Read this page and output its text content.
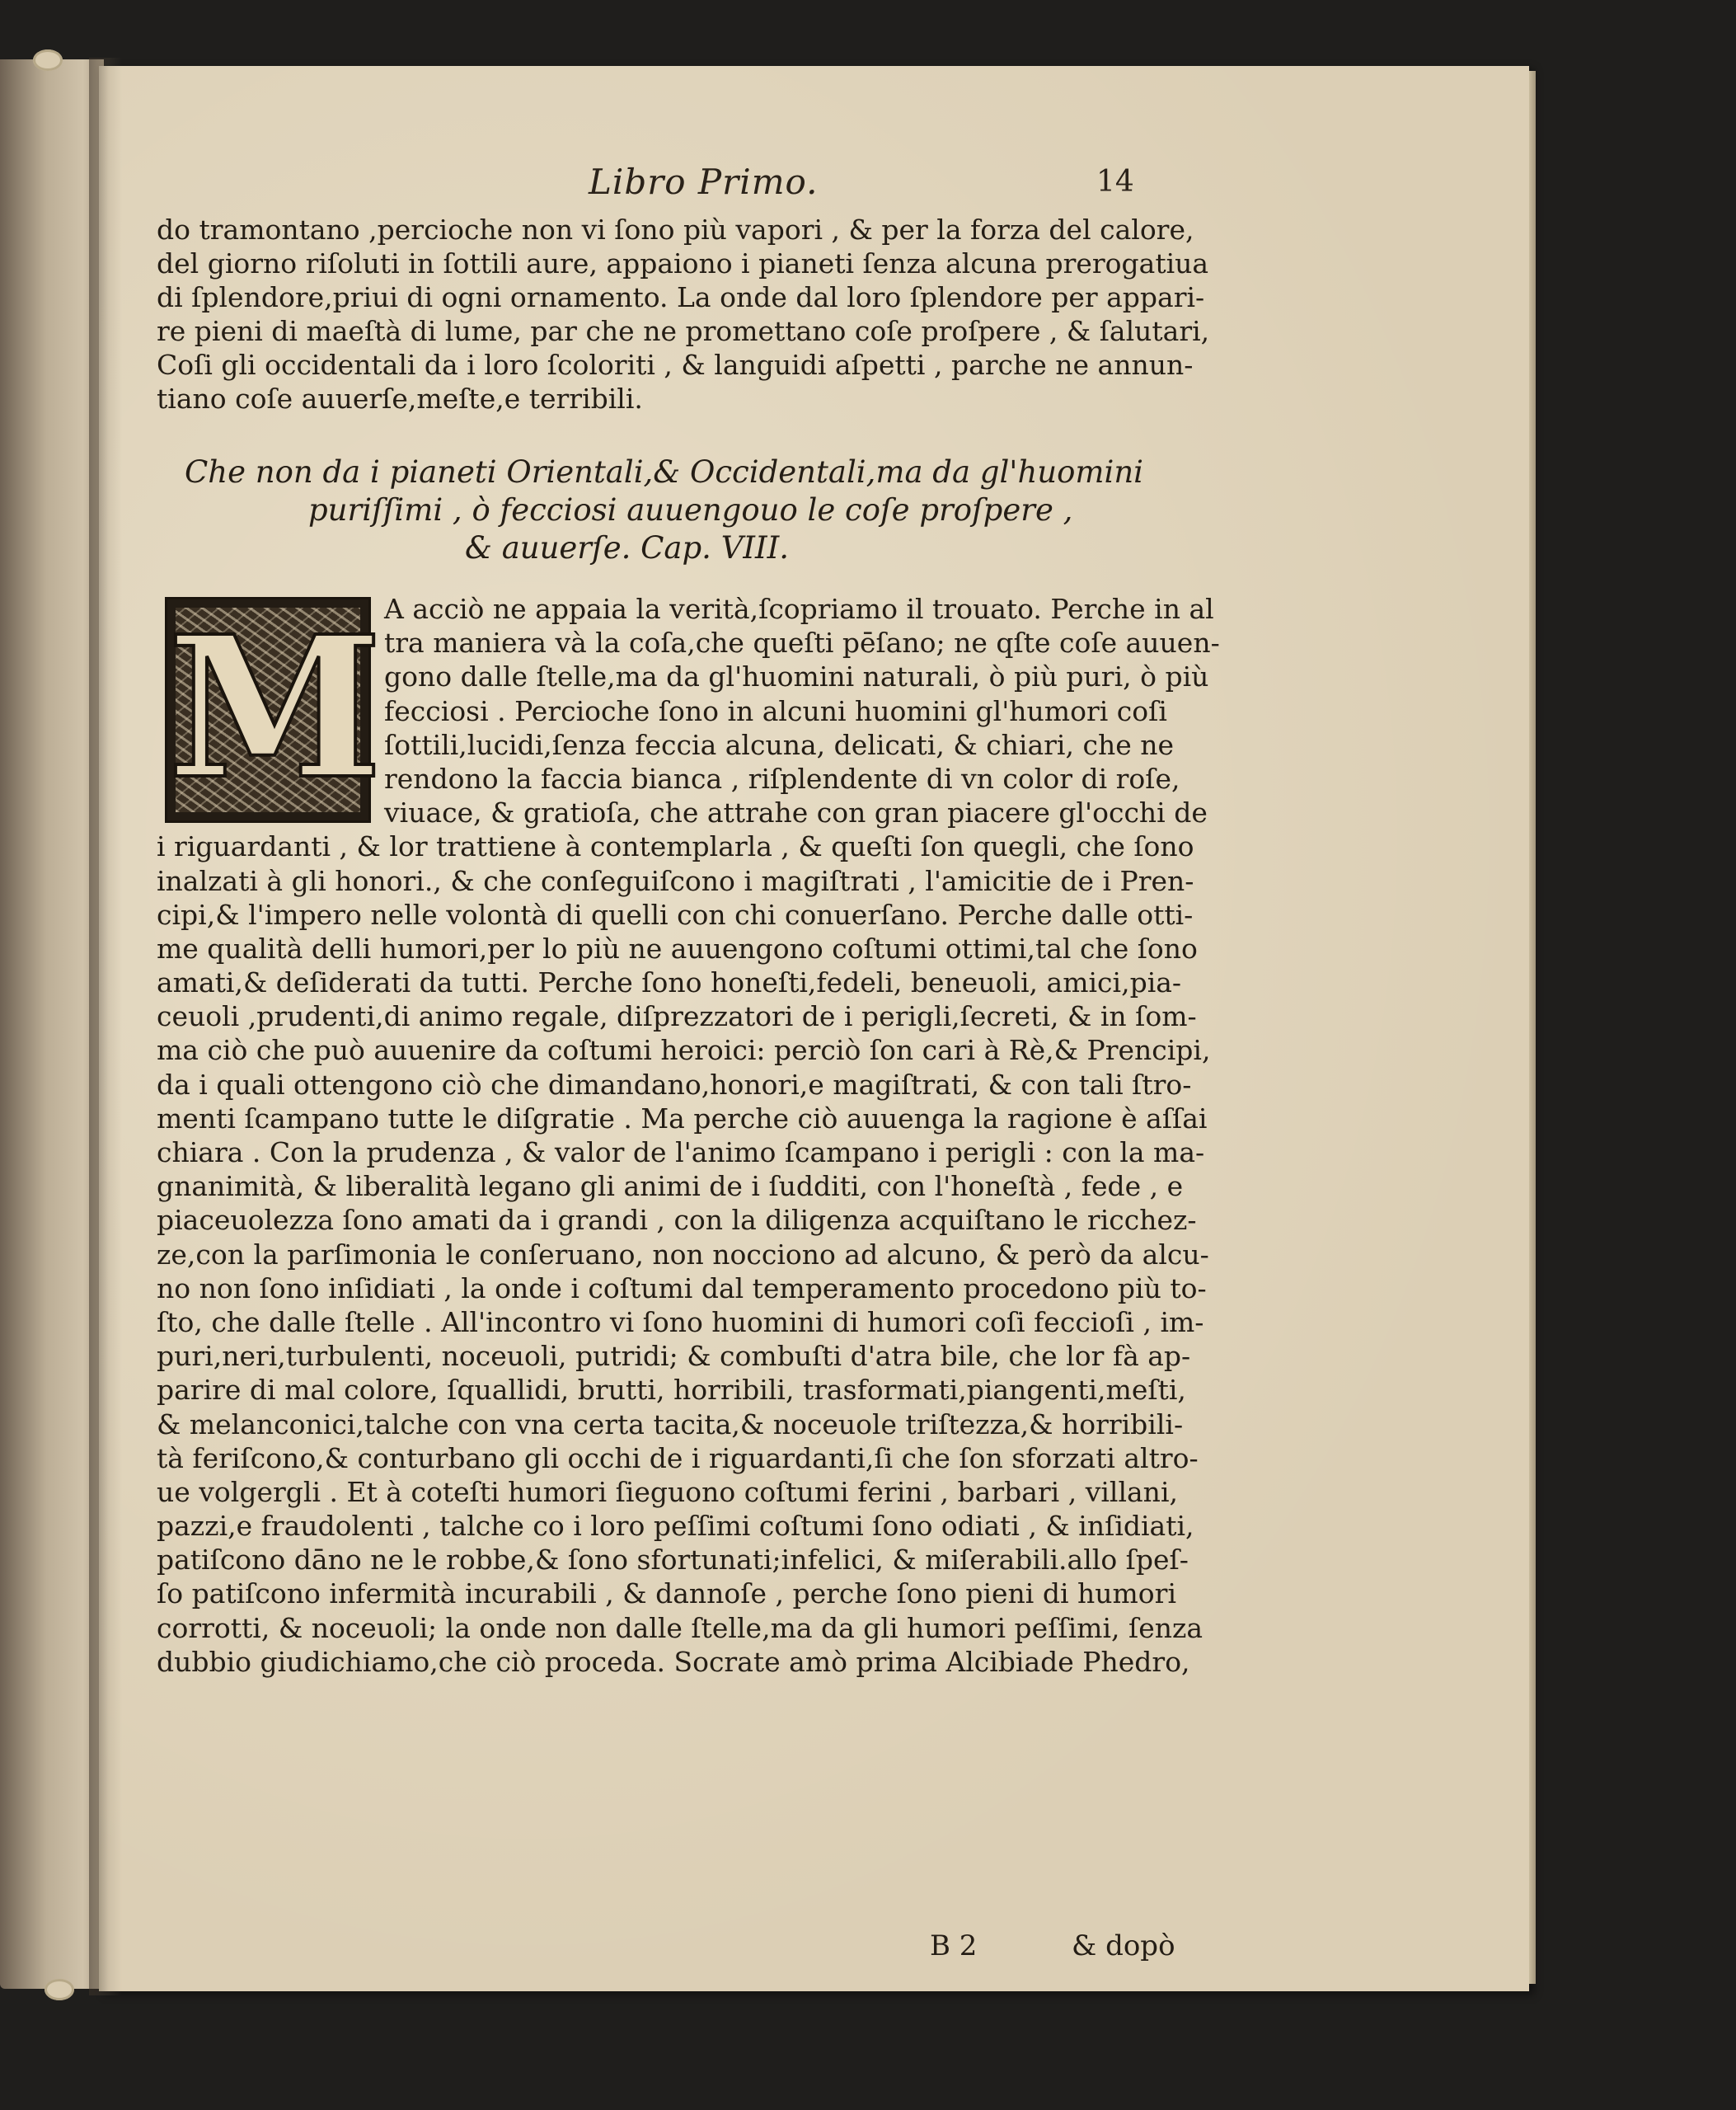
Libro Primo.	14
do tramontano ,percioche non vi ſono più vapori , & per la forza del calore,
del giorno riſoluti in ſottili aure, appaiono i pianeti ſenza alcuna prerogatiua
di ſplendore,priui di ogni ornamento. La onde dal loro ſplendore per appari-
re pieni di maeſtà di lume, par che ne promettano coſe proſpere , & ſalutari,
Coſi gli occidentali da i loro ſcoloriti , & languidi aſpetti , parche ne annun-
tiano coſe auuerſe,meſte,e terribili.
Che non da i pianeti Orientali,& Occidentali,ma da gl'huomini
puriſſimi , ò fecciosi auuengouo le coſe proſpere ,
& auuerſe. Cap. VIII.
M A acciò ne appaia la verità,ſcopriamo il trouato. Perche in al
tra maniera và la coſa,che queſti pēſano; ne qſte coſe auuen-
gono dalle ſtelle,ma da gl'huomini naturali, ò più puri, ò più
fecciosi . Percioche ſono in alcuni huomini gl'humori coſi
ſottili,lucidi,ſenza feccia alcuna, delicati, & chiari, che ne
rendono la faccia bianca , riſplendente di vn color di roſe,
viuace, & gratioſa, che attrahe con gran piacere gl'occhi de
i riguardanti , & lor trattiene à contemplarla , & queſti ſon quegli, che ſono
inalzati à gli honori., & che conſeguiſcono i magiſtrati , l'amicitie de i Pren-
cipi,& l'impero nelle volontà di quelli con chi conuerſano. Perche dalle otti-
me qualità delli humori,per lo più ne auuengono coſtumi ottimi,tal che ſono
amati,& deſiderati da tutti. Perche ſono honeſti,fedeli, beneuoli, amici,pia-
ceuoli ,prudenti,di animo regale, diſprezzatori de i perigli,ſecreti, & in ſom-
ma ciò che può auuenire da coſtumi heroici: perciò ſon cari à Rè,& Prencipi,
da i quali ottengono ciò che dimandano,honori,e magiſtrati, & con tali ſtro-
menti ſcampano tutte le diſgratie . Ma perche ciò auuenga la ragione è aſſai
chiara . Con la prudenza , & valor de l'animo ſcampano i perigli : con la ma-
gnanimità, & liberalità legano gli animi de i ſudditi, con l'honeſtà , fede , e
piaceuolezza ſono amati da i grandi , con la diligenza acquiſtano le ricchez-
ze,con la parſimonia le conſeruano, non nocciono ad alcuno, & però da alcu-
no non ſono inſidiati , la onde i coſtumi dal temperamento procedono più to-
ſto, che dalle ſtelle . All'incontro vi ſono huomini di humori coſi feccioſi , im-
puri,neri,turbulenti, noceuoli, putridi; & combuſti d'atra bile, che lor fà ap-
parire di mal colore, ſquallidi, brutti, horribili, trasformati,piangenti,meſti,
& melanconici,talche con vna certa tacita,& noceuole triſtezza,& horribili-
tà feriſcono,& conturbano gli occhi de i riguardanti,ſi che ſon sforzati altro-
ue volgergli . Et à coteſti humori ſieguono coſtumi ferini , barbari , villani,
pazzi,e fraudolenti , talche co i loro peſſimi coſtumi ſono odiati , & inſidiati,
patiſcono dāno ne le robbe,& ſono sfortunati;infelici, & miſerabili.allo ſpeſ-
ſo patiſcono infermità incurabili , & dannoſe , perche ſono pieni di humori
corrotti, & noceuoli; la onde non dalle ſtelle,ma da gli humori peſſimi, ſenza
dubbio giudichiamo,che ciò proceda. Socrate amò prima Alcibiade Phedro,
B 2	& dopò
